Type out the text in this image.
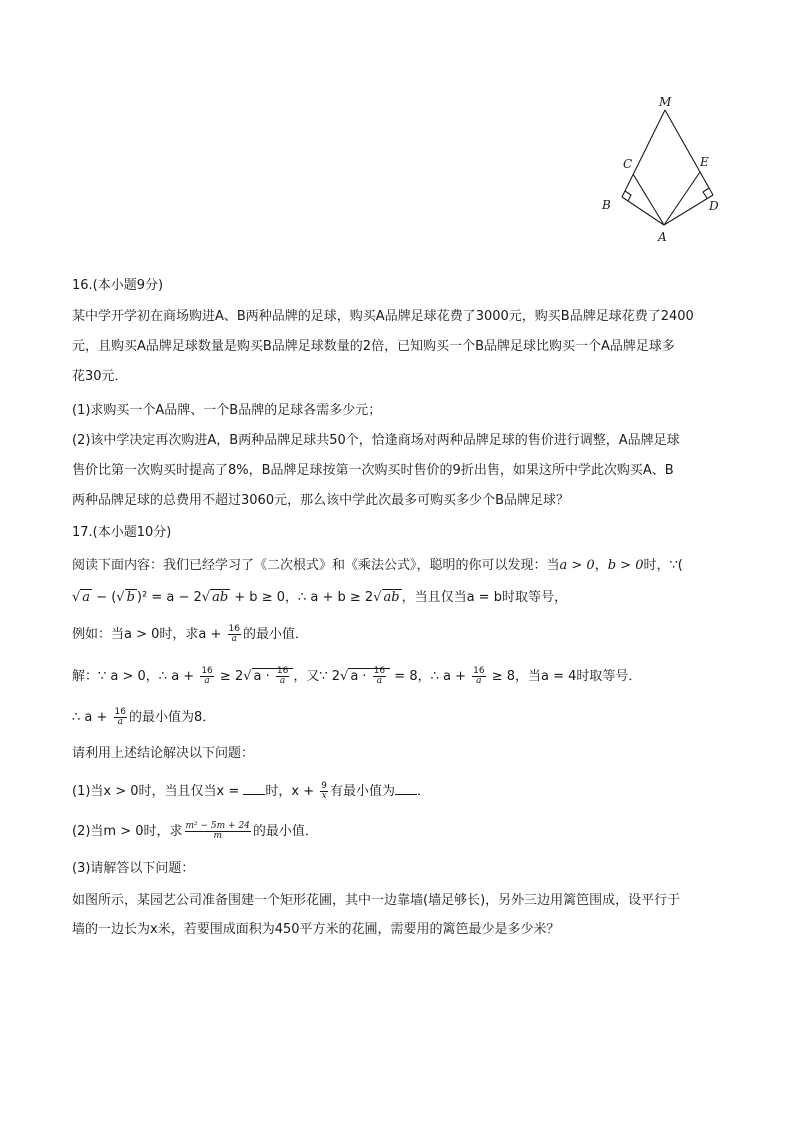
M
C	E
B	D
A
16.(本小题9分)
某中学开学初在商场购进A、B两种品牌的足球，购买A品牌足球花费了3000元，购买B品牌足球花费了2400
元，且购买A品牌足球数量是购买B品牌足球数量的2倍，已知购买一个B品牌足球比购买一个A品牌足球多
花30元．
(1)求购买一个A品牌、一个B品牌的足球各需多少元；
(2)该中学决定再次购进A，B两种品牌足球共50个，恰逢商场对两种品牌足球的售价进行调整，A品牌足球
售价比第一次购买时提高了8%，B品牌足球按第一次购买时售价的9折出售，如果这所中学此次购买A、B
两种品牌足球的总费用不超过3060元，那么该中学此次最多可购买多少个B品牌足球？
17.(本小题10分)
阅读下面内容：我们已经学习了《二次根式》和《乘法公式》，聪明的你可以发现：当a > 0，b > 0时，∵(
√ a − (√ b )² = a − 2√ ab + b ≥ 0，∴ a + b ≥ 2√ ab ，当且仅当a = b时取等号，
例如：当a > 0时，求$a + \frac{16}{a}$ 的最小值．
解：∵ a > 0，∴ $a + \frac{16}{a} \ge 2√$ $a \cdot \frac{16}{a}$ ，又∵ 2√ $a \cdot \frac{16}{a} = 8$，∴ $a + \frac{16}{a} \ge 8$，当a = 4时取等号．
∴ $a + \frac{16}{a}$ 的最小值为8．
请利用上述结论解决以下问题：
(1)当x > 0时，当且仅当x = 时，$x + \frac{9}{x}$ 有最小值为 ．
(2)当m > 0时，求 $\frac{\text{m² − 5m + 24}}{m}$ 的最小值．
(3)请解答以下问题：
如图所示，某园艺公司准备围建一个矩形花圃，其中一边靠墙(墙足够长)，另外三边用篱笆围成，设平行于
墙的一边长为x米，若要围成面积为450平方米的花圃，需要用的篱笆最少是多少米？
